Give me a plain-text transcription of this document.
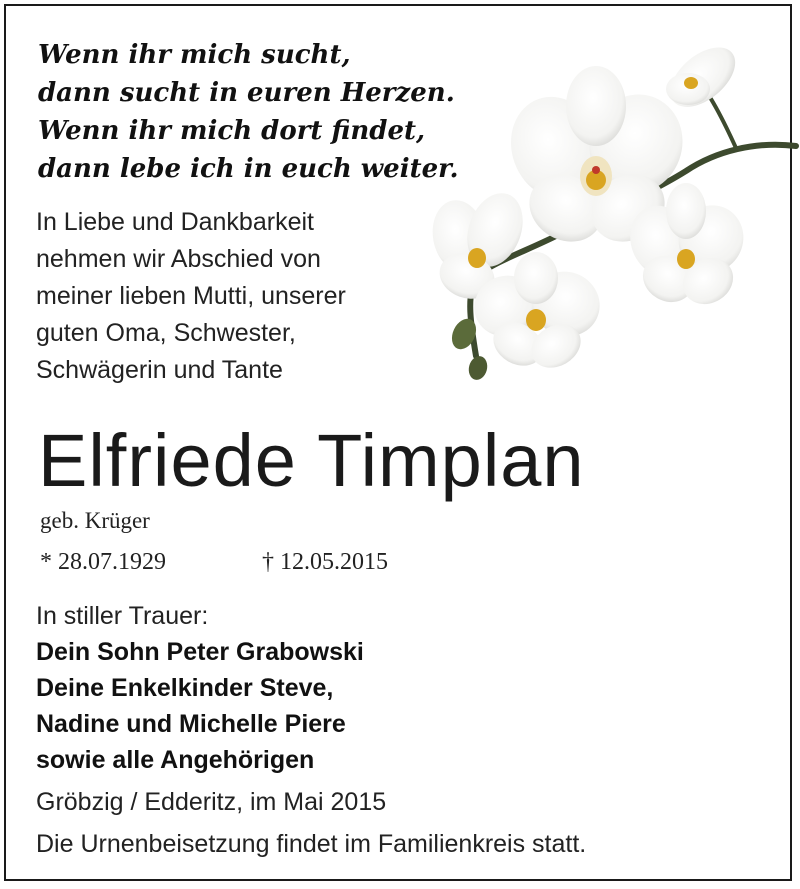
Wenn ihr mich sucht,
dann sucht in euren Herzen.
Wenn ihr mich dort findet,
dann lebe ich in euch weiter.
In Liebe und Dankbarkeit
nehmen wir Abschied von
meiner lieben Mutti, unserer
guten Oma, Schwester,
Schwägerin und Tante
Elfriede Timplan
geb. Krüger
* 28.07.1929	† 12.05.2015
In stiller Trauer:
Dein Sohn Peter Grabowski
Deine Enkelkinder Steve,
Nadine und Michelle Piere
sowie alle Angehörigen
Gröbzig / Edderitz, im Mai 2015
Die Urnenbeisetzung findet im Familienkreis statt.
